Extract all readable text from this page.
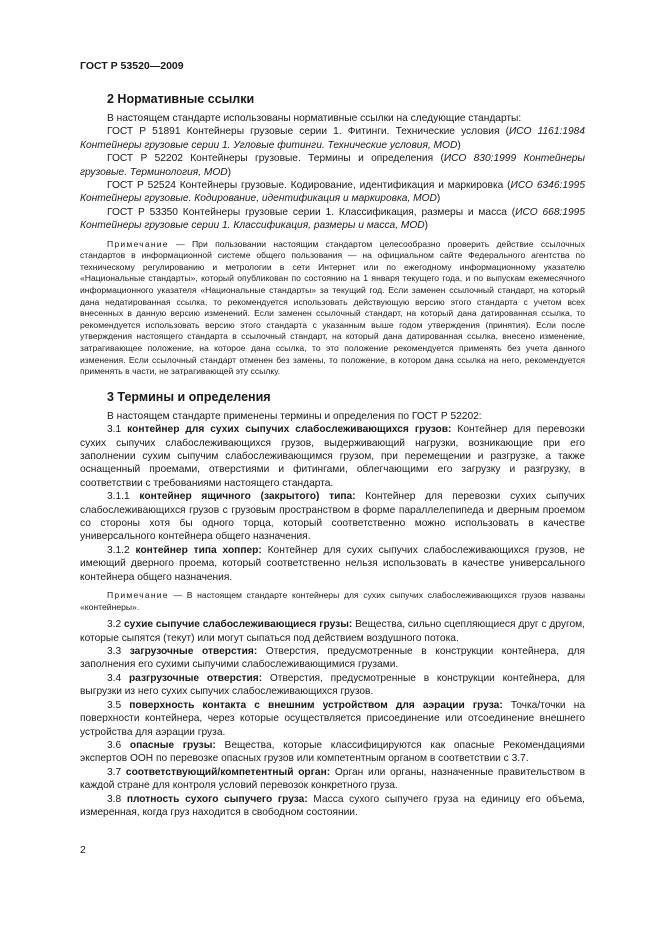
ГОСТ Р 53520—2009
2 Нормативные ссылки

В настоящем стандарте использованы нормативные ссылки на следующие стандарты:

ГОСТ Р 51891 Контейнеры грузовые серии 1. Фитинги. Технические условия (ИСО 1161:1984 Контейнеры грузовые серии 1. Угловые фитинги. Технические условия, MOD)

ГОСТ Р 52202 Контейнеры грузовые. Термины и определения (ИСО 830:1999 Контейнеры грузовые. Терминология, MOD)

ГОСТ Р 52524 Контейнеры грузовые. Кодирование, идентификация и маркировка (ИСО 6346:1995 Контейнеры грузовые. Кодирование, идентификация и маркировка, MOD)

ГОСТ Р 53350 Контейнеры грузовые серии 1. Классификация, размеры и масса (ИСО 668:1995 Контейнеры грузовые серии 1. Классификация, размеры и масса, MOD)

Примечание — При пользовании настоящим стандартом целесообразно проверить действие ссылочных стандартов в информационной системе общего пользования — на официальном сайте Федерального агентства по техническому регулированию и метрологии в сети Интернет или по ежегодному информационному указателю «Национальные стандарты», который опубликован по состоянию на 1 января текущего года, и по выпускам ежемесячного информационного указателя «Национальные стандарты» за текущий год. Если заменен ссылочный стандарт, на который дана недатированная ссылка, то рекомендуется использовать действующую версию этого стандарта с учетом всех внесенных в данную версию изменений. Если заменен ссылочный стандарт, на который дана датированная ссылка, то рекомендуется использовать версию этого стандарта с указанным выше годом утверждения (принятия). Если после утверждения настоящего стандарта в ссылочный стандарт, на который дана датированная ссылка, внесено изменение, затрагивающее положение, на которое дана ссылка, то это положение рекомендуется применять без учета данного изменения. Если ссылочный стандарт отменен без замены, то положение, в котором дана ссылка на него, рекомендуется применять в части, не затрагивающей эту ссылку.

3 Термины и определения

В настоящем стандарте применены термины и определения по ГОСТ Р 52202:

3.1 контейнер для сухих сыпучих слабослеживающихся грузов: Контейнер для перевозки сухих сыпучих слабослеживающихся грузов, выдерживающий нагрузки, возникающие при его заполнении сухим сыпучим слабослеживающимся грузом, при перемещении и разгрузке, а также оснащенный проемами, отверстиями и фитингами, облегчающими его загрузку и разгрузку, в соответствии с требованиями настоящего стандарта.

3.1.1 контейнер ящичного (закрытого) типа: Контейнер для перевозки сухих сыпучих слабослеживающихся грузов с грузовым пространством в форме параллелепипеда и дверным проемом со стороны хотя бы одного торца, который соответственно можно использовать в качестве универсального контейнера общего назначения.

3.1.2 контейнер типа хоппер: Контейнер для сухих сыпучих слабослеживающихся грузов, не имеющий дверного проема, который соответственно нельзя использовать в качестве универсального контейнера общего назначения.

Примечание — В настоящем стандарте контейнеры для сухих сыпучих слабослеживающихся грузов названы «контейнеры».

3.2 сухие сыпучие слабослеживающиеся грузы: Вещества, сильно сцепляющиеся друг с другом, которые сыпятся (текут) или могут сыпаться под действием воздушного потока.

3.3 загрузочные отверстия: Отверстия, предусмотренные в конструкции контейнера, для заполнения его сухими сыпучими слабослеживающимися грузами.

3.4 разгрузочные отверстия: Отверстия, предусмотренные в конструкции контейнера, для выгрузки из него сухих сыпучих слабослеживающихся грузов.

3.5 поверхность контакта с внешним устройством для аэрации груза: Точка/точки на поверхности контейнера, через которые осуществляется присоединение или отсоединение внешнего устройства для аэрации груза.

3.6 опасные грузы: Вещества, которые классифицируются как опасные Рекомендациями экспертов ООН по перевозке опасных грузов или компетентным органом в соответствии с 3.7.

3.7 соответствующий/компетентный орган: Орган или органы, назначенные правительством в каждой стране для контроля условий перевозок конкретного груза.

3.8 плотность сухого сыпучего груза: Масса сухого сыпучего груза на единицу его объема, измеренная, когда груз находится в свободном состоянии.

2
